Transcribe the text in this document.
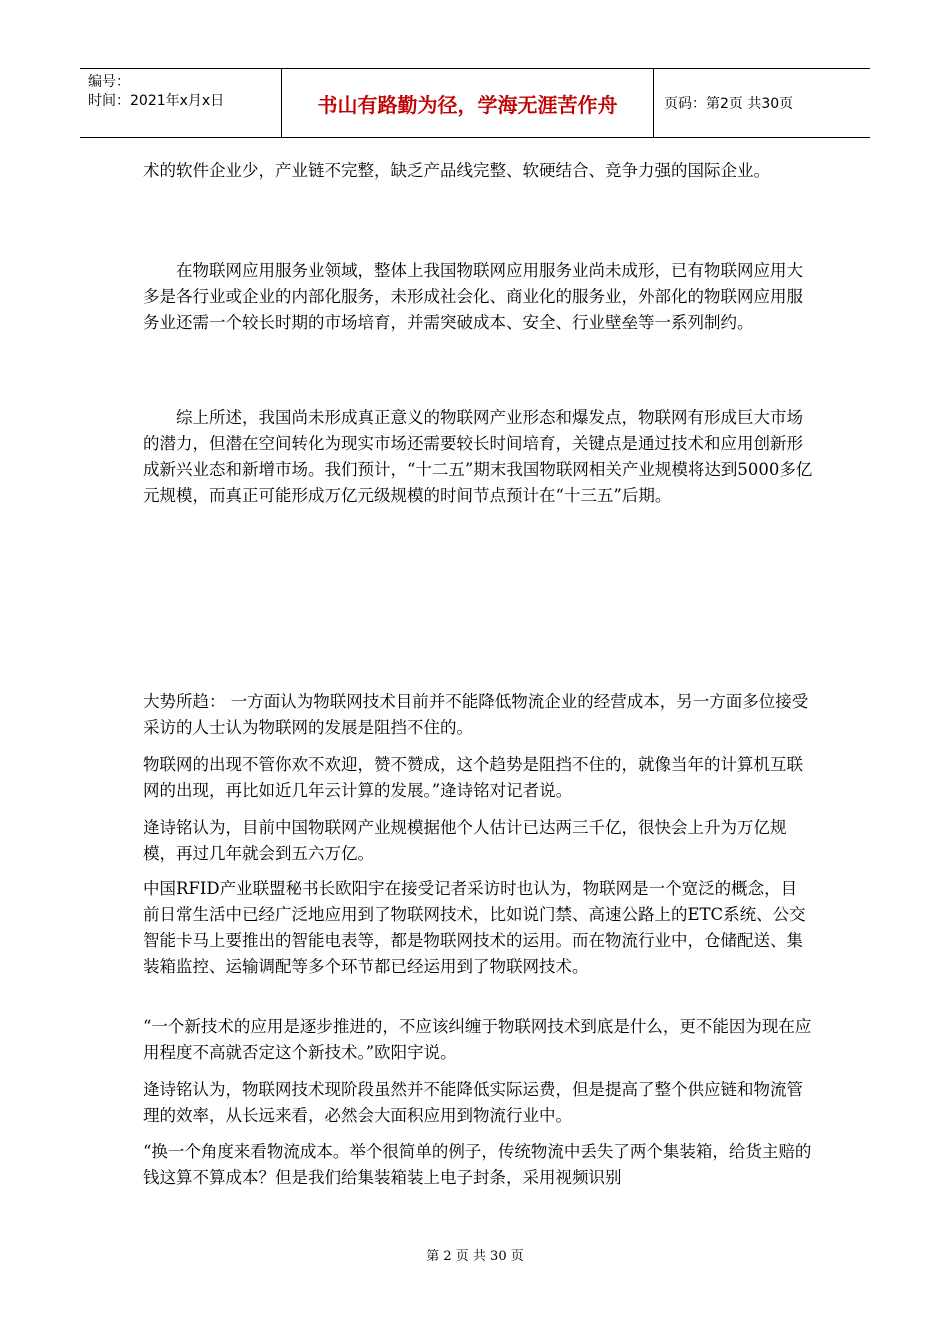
编号：
时间：2021年x月x日	书山有路勤为径，学海无涯苦作舟	页码：第2页 共30页

术的软件企业少，产业链不完整，缺乏产品线完整、软硬结合、竞争力强的国际企业。

在物联网应用服务业领域，整体上我国物联网应用服务业尚未成形，已有物联网应用大多是各行业或企业的内部化服务，未形成社会化、商业化的服务业，外部化的物联网应用服务业还需一个较长时期的市场培育，并需突破成本、安全、行业壁垒等一系列制约。

综上所述，我国尚未形成真正意义的物联网产业形态和爆发点，物联网有形成巨大市场的潜力，但潜在空间转化为现实市场还需要较长时间培育，关键点是通过技术和应用创新形成新兴业态和新增市场。我们预计，“十二五”期末我国物联网相关产业规模将达到5000多亿元规模，而真正可能形成万亿元级规模的时间节点预计在“十三五”后期。

大势所趋： 一方面认为物联网技术目前并不能降低物流企业的经营成本，另一方面多位接受采访的人士认为物联网的发展是阻挡不住的。

物联网的出现不管你欢不欢迎，赞不赞成，这个趋势是阻挡不住的，就像当年的计算机互联网的出现，再比如近几年云计算的发展。”逄诗铭对记者说。

逄诗铭认为，目前中国物联网产业规模据他个人估计已达两三千亿，很快会上升为万亿规模，再过几年就会到五六万亿。

中国RFID产业联盟秘书长欧阳宇在接受记者采访时也认为，物联网是一个宽泛的概念，目前日常生活中已经广泛地应用到了物联网技术，比如说门禁、高速公路上的ETC系统、公交智能卡马上要推出的智能电表等，都是物联网技术的运用。而在物流行业中，仓储配送、集装箱监控、运输调配等多个环节都已经运用到了物联网技术。

“一个新技术的应用是逐步推进的，不应该纠缠于物联网技术到底是什么，更不能因为现在应用程度不高就否定这个新技术。”欧阳宇说。

逄诗铭认为，物联网技术现阶段虽然并不能降低实际运费，但是提高了整个供应链和物流管理的效率，从长远来看，必然会大面积应用到物流行业中。

“换一个角度来看物流成本。举个很简单的例子，传统物流中丢失了两个集装箱，给货主赔的钱这算不算成本？但是我们给集装箱装上电子封条，采用视频识别

第 2 页 共 30 页
